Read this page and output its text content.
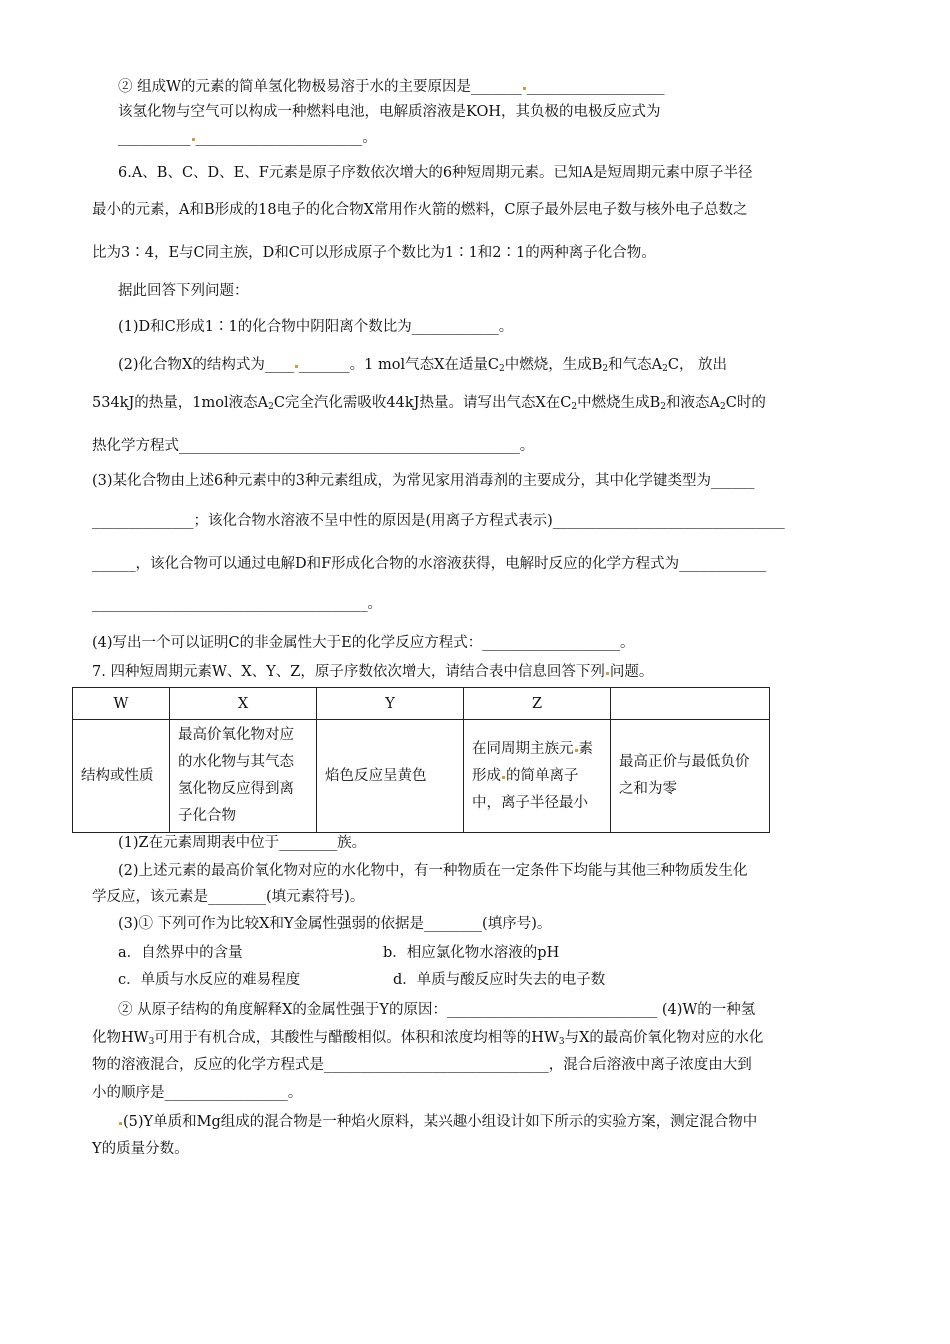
② 组成W的元素的简单氢化物极易溶于水的主要原因是_______ ___________________
该氢化物与空气可以构成一种燃料电池，电解质溶液是KOH，其负极的电极反应式为
__________ _______________________。
6.A、B、C、D、E、F元素是原子序数依次增大的6种短周期元素。已知A是短周期元素中原子半径
最小的元素，A和B形成的18电子的化合物X常用作火箭的燃料，C原子最外层电子数与核外电子总数之
比为3∶4，E与C同主族，D和C可以形成原子个数比为1∶1和2∶1的两种离子化合物。
据此回答下列问题：
(1)D和C形成1∶1的化合物中阴阳离个数比为____________。
(2)化合物X的结构式为____ _______。1 mol气态X在适量$C_2$中燃烧，生成$B_2$和气态$A_2C$， 放出
534kJ的热量，1mol液态$A_2C$完全汽化需吸收44kJ热量。请写出气态X在$C_2$中燃烧生成$B_2$和液态$A_2C$时的
热化学方程式_______________________________________________。
(3)某化合物由上述6种元素中的3种元素组成，为常见家用消毒剂的主要成分，其中化学键类型为______
______________；该化合物水溶液不呈中性的原因是(用离子方程式表示)________________________________
______，该化合物可以通过电解D和F形成化合物的水溶液获得，电解时反应的化学方程式为____________
______________________________________。
(4)写出一个可以证明C的非金属性大于E的化学反应方程式：___________________。
7. 四种短周期元素W、X、Y、Z，原子序数依次增大，请结合表中信息回答下列 问题。
W	X	Y	Z	
结构或性质	最高价氧化物对应的水化物与其气态氢化物反应得到离子化合物	焰色反应呈黄色	在同周期主族元 素形成 的简单离子中，离子半径最小	最高正价与最低负价之和为零
(1)Z在元素周期表中位于________族。
(2)上述元素的最高价氧化物对应的水化物中，有一种物质在一定条件下均能与其他三种物质发生化
学反应，该元素是________(填元素符号)。
(3)① 下列可作为比较X和Y金属性强弱的依据是________(填序号)。
a．自然界中的含量	b．相应氯化物水溶液的pH
c．单质与水反应的难易程度	d．单质与酸反应时失去的电子数
② 从原子结构的角度解释X的金属性强于Y的原因：_____________________________ (4)W的一种氢
化物$HW_3$可用于有机合成，其酸性与醋酸相似。体积和浓度均相等的$HW_3$与X的最高价氧化物对应的水化
物的溶液混合，反应的化学方程式是_______________________________，混合后溶液中离子浓度由大到
小的顺序是_________________。
(5)Y单质和Mg组成的混合物是一种焰火原料，某兴趣小组设计如下所示的实验方案，测定混合物中
Y的质量分数。
